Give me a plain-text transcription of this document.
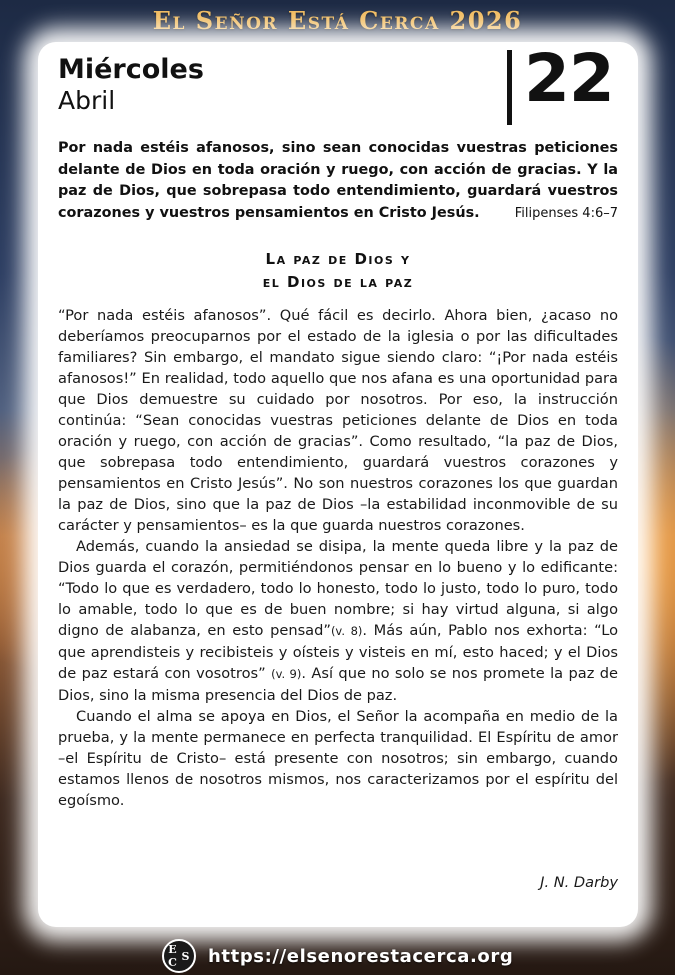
El Señor Está Cerca 2026
Miércoles
Abril	22
Por nada estéis afanosos, sino sean conocidas vuestras peticiones delante de Dios en toda oración y ruego, con acción de gracias. Y la paz de Dios, que sobrepasa todo entendimiento, guardará vuestros corazones y vuestros pensamientos en Cristo Jesús.	Filipenses 4:6–7
La paz de Dios y
el Dios de la paz

“Por nada estéis afanosos”. Qué fácil es decirlo. Ahora bien, ¿acaso no deberíamos preocuparnos por el estado de la iglesia o por las dificultades familiares? Sin embargo, el mandato sigue siendo claro: “¡Por nada estéis afanosos!” En realidad, todo aquello que nos afana es una oportunidad para que Dios demuestre su cuidado por nosotros. Por eso, la instrucción continúa: “Sean conocidas vuestras peticiones delante de Dios en toda oración y ruego, con acción de gracias”. Como resultado, “la paz de Dios, que sobrepasa todo entendimiento, guardará vuestros corazones y pensamientos en Cristo Jesús”. No son nuestros corazones los que guardan la paz de Dios, sino que la paz de Dios –la estabilidad inconmovible de su carácter y pensamientos– es la que guarda nuestros corazones.

Además, cuando la ansiedad se disipa, la mente queda libre y la paz de Dios guarda el corazón, permitiéndonos pensar en lo bueno y lo edificante: “Todo lo que es verdadero, todo lo honesto, todo lo justo, todo lo puro, todo lo amable, todo lo que es de buen nombre; si hay virtud alguna, si algo digno de alabanza, en esto pensad”(v. 8). Más aún, Pablo nos exhorta: “Lo que aprendisteis y recibisteis y oísteis y visteis en mí, esto haced; y el Dios de paz estará con vosotros” (v. 9). Así que no solo se nos promete la paz de Dios, sino la misma presencia del Dios de paz.

Cuando el alma se apoya en Dios, el Señor la acompaña en medio de la prueba, y la mente permanece en perfecta tranquilidad. El Espíritu de amor –el Espíritu de Cristo– está presente con nosotros; sin embargo, cuando estamos llenos de nosotros mismos, nos caracterizamos por el espíritu del egoísmo.

J. N. Darby
E S
C https://elsenorestacerca.org
